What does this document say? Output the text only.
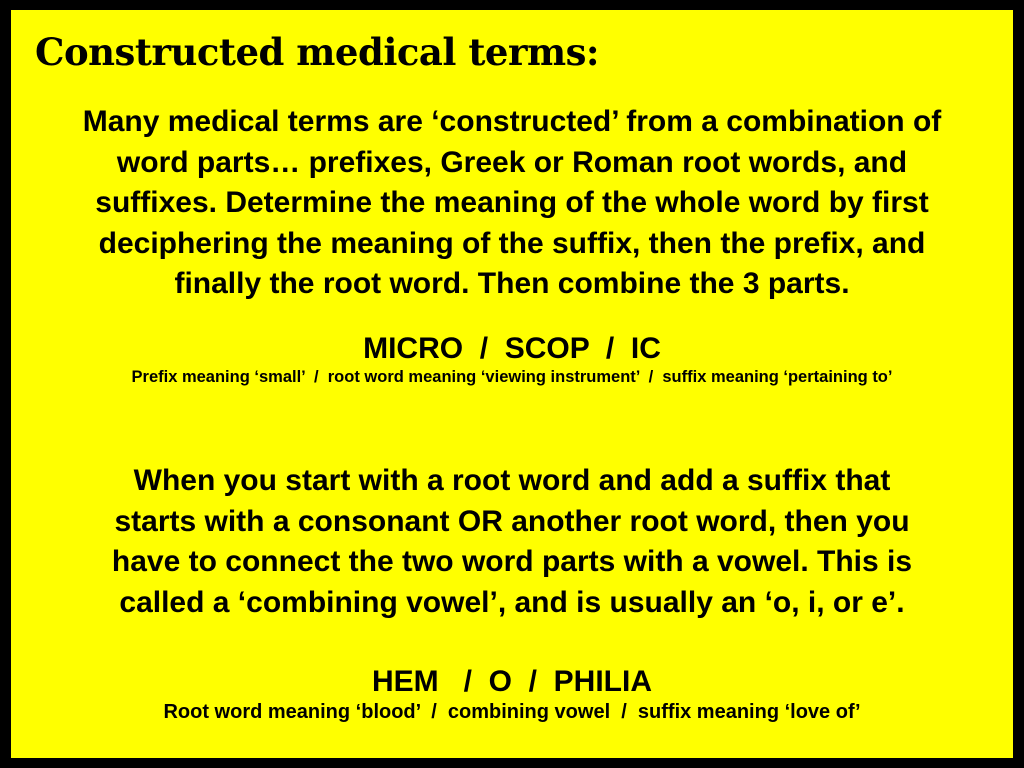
Constructed medical terms:

Many medical terms are ‘constructed’ from a combination of
word parts… prefixes, Greek or Roman root words, and
suffixes. Determine the meaning of the whole word by first
deciphering the meaning of the suffix, then the prefix, and
finally the root word. Then combine the 3 parts.

MICRO  /  SCOP  /  IC
Prefix meaning ‘small’  /  root word meaning ‘viewing instrument’  /  suffix meaning ‘pertaining to’

When you start with a root word and add a suffix that
starts with a consonant OR another root word, then you
have to connect the two word parts with a vowel. This is
called a ‘combining vowel’, and is usually an ‘o, i, or e’.

HEM   /  O  /  PHILIA
Root word meaning ‘blood’  /  combining vowel  /  suffix meaning ‘love of’
